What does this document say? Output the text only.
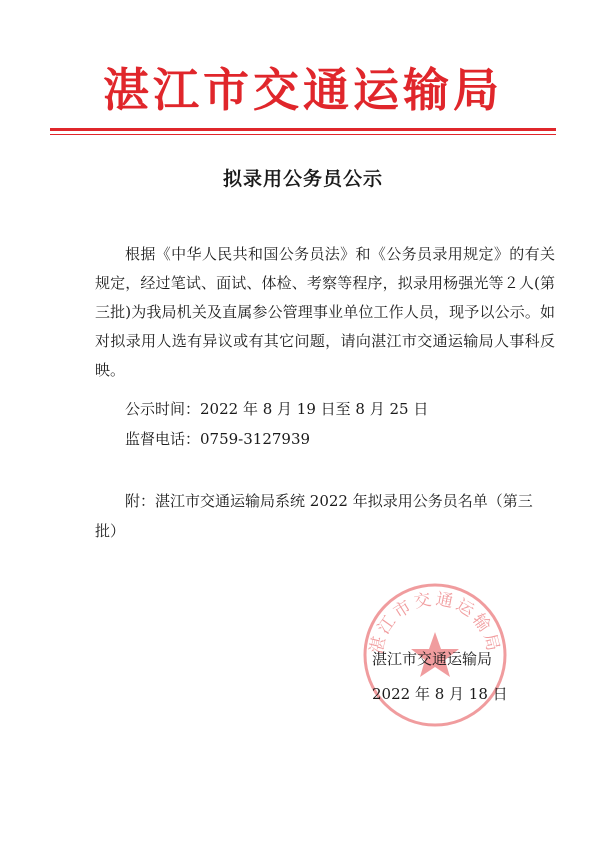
湛江市交通运输局
拟录用公务员公示

根据《中华人民共和国公务员法》和《公务员录用规定》的有关规定，经过笔试、面试、体检、考察等程序，拟录用杨强光等２人(第三批)为我局机关及直属参公管理事业单位工作人员，现予以公示。如对拟录用人选有异议或有其它问题，请向湛江市交通运输局人事科反映。

公示时间：2022 年 8 月 19 日至 8 月 25 日
监督电话：0759-3127939
附：湛江市交通运输局系统 2022 年拟录用公务员名单（第三批）
湛江市交通运输局
湛江市交通运输局
2022 年 8 月 18 日
